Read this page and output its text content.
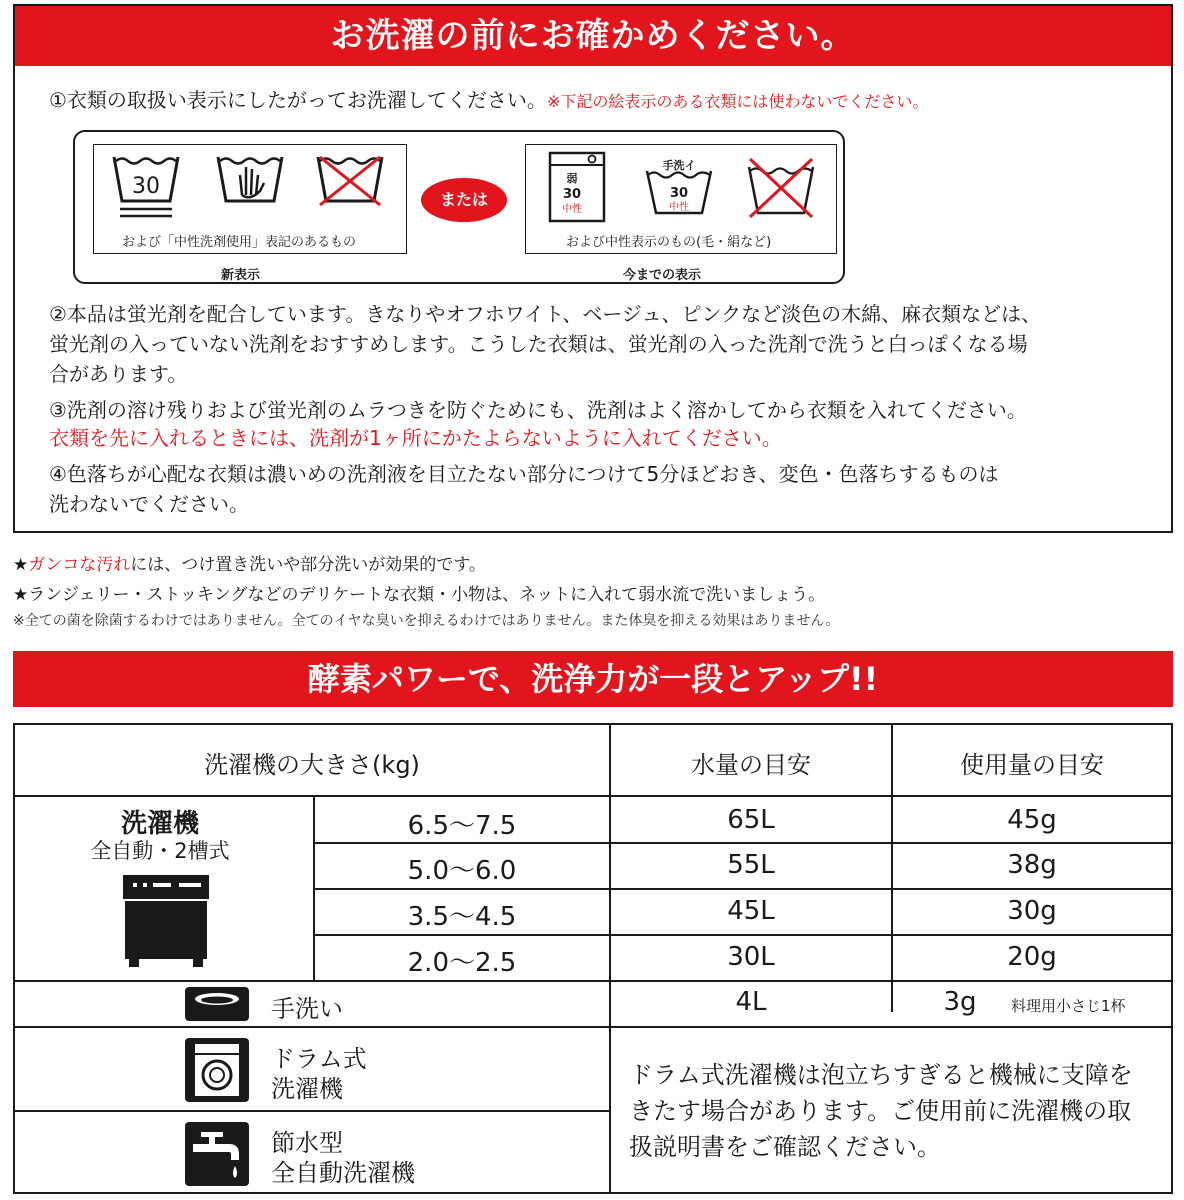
お洗濯の前にお確かめください。
①衣類の取扱い表示にしたがってお洗濯してください。※下記の絵表示のある衣類には使わないでください。
30
および「中性洗剤使用」表記のあるもの
新表示
または
弱
30
中性
手洗イ
30
中性
および中性表示のもの(毛・絹など)
今までの表示
②本品は蛍光剤を配合しています。きなりやオフホワイト、ベージュ、ピンクなど淡色の木綿、麻衣類などは、
蛍光剤の入っていない洗剤をおすすめします。こうした衣類は、蛍光剤の入った洗剤で洗うと白っぽくなる場
合があります。
③洗剤の溶け残りおよび蛍光剤のムラつきを防ぐためにも、洗剤はよく溶かしてから衣類を入れてください。
衣類を先に入れるときには、洗剤が1ヶ所にかたよらないように入れてください。
④色落ちが心配な衣類は濃いめの洗剤液を目立たない部分につけて5分ほどおき、変色・色落ちするものは
洗わないでください。
★ガンコな汚れには、つけ置き洗いや部分洗いが効果的です。
★ランジェリー・ストッキングなどのデリケートな衣類・小物は、ネットに入れて弱水流で洗いましょう。
※全ての菌を除菌するわけではありません。全てのイヤな臭いを抑えるわけではありません。また体臭を抑える効果はありません。
酵素パワーで、洗浄力が一段とアップ!!
洗濯機の大きさ(kg)	水量の目安	使用量の目安
洗濯機
全自動・2槽式
6.5〜7.5	65L	45g
5.0〜6.0	55L	38g
3.5〜4.5	45L	30g
2.0〜2.5	30L	20g
手洗い	4L	3g	料理用小さじ1杯
ドラム式
洗濯機
節水型
全自動洗濯機
ドラム式洗濯機は泡立ちすぎると機械に支障を
きたす場合があります。ご使用前に洗濯機の取
扱説明書をご確認ください。
